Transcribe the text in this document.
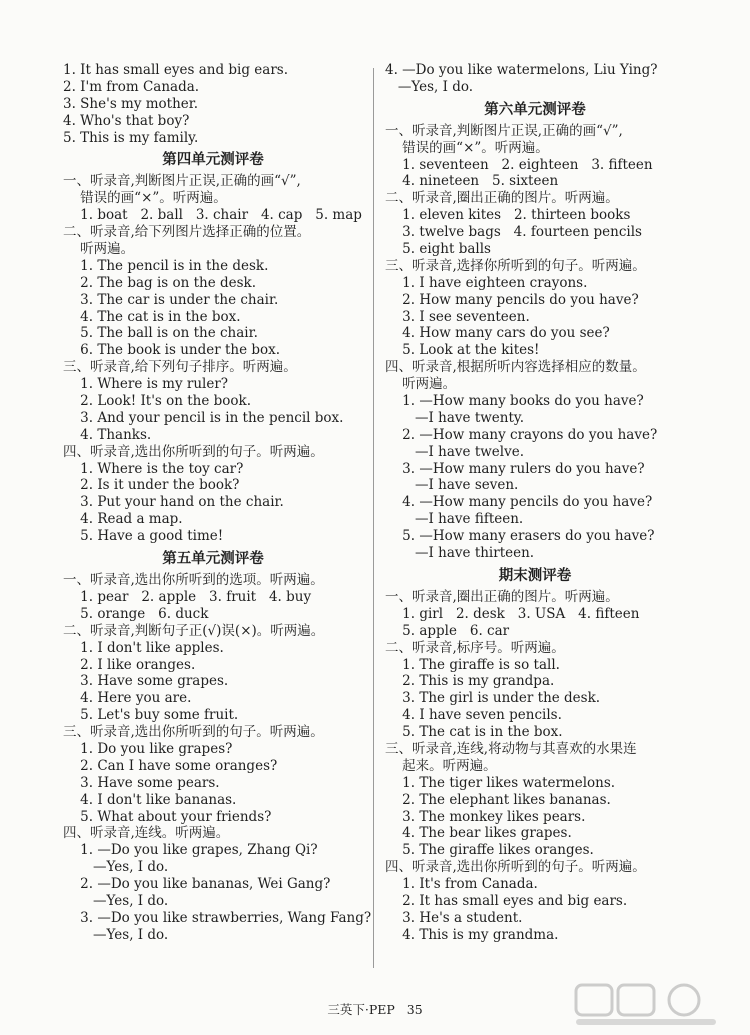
1. It has small eyes and big ears.
2. I'm from Canada.
3. She's my mother.
4. Who's that boy?
5. This is my family.
第四单元测评卷
一、听录音,判断图片正误,正确的画“√”,
错误的画“×”。听两遍。
1. boat   2. ball   3. chair   4. cap   5. map
二、听录音,给下列图片选择正确的位置。
听两遍。
1. The pencil is in the desk.
2. The bag is on the desk.
3. The car is under the chair.
4. The cat is in the box.
5. The ball is on the chair.
6. The book is under the box.
三、听录音,给下列句子排序。听两遍。
1. Where is my ruler?
2. Look! It's on the book.
3. And your pencil is in the pencil box.
4. Thanks.
四、听录音,选出你所听到的句子。听两遍。
1. Where is the toy car?
2. Is it under the book?
3. Put your hand on the chair.
4. Read a map.
5. Have a good time!
第五单元测评卷
一、听录音,选出你所听到的选项。听两遍。
1. pear   2. apple   3. fruit   4. buy
5. orange   6. duck
二、听录音,判断句子正(√)误(×)。听两遍。
1. I don't like apples.
2. I like oranges.
3. Have some grapes.
4. Here you are.
5. Let's buy some fruit.
三、听录音,选出你所听到的句子。听两遍。
1. Do you like grapes?
2. Can I have some oranges?
3. Have some pears.
4. I don't like bananas.
5. What about your friends?
四、听录音,连线。听两遍。
1. —Do you like grapes, Zhang Qi?
—Yes, I do.
2. —Do you like bananas, Wei Gang?
—Yes, I do.
3. —Do you like strawberries, Wang Fang?
—Yes, I do.
4. —Do you like watermelons, Liu Ying?
—Yes, I do.
第六单元测评卷
一、听录音,判断图片正误,正确的画“√”,
错误的画“×”。听两遍。
1. seventeen   2. eighteen   3. fifteen
4. nineteen   5. sixteen
二、听录音,圈出正确的图片。听两遍。
1. eleven kites   2. thirteen books
3. twelve bags   4. fourteen pencils
5. eight balls
三、听录音,选择你所听到的句子。听两遍。
1. I have eighteen crayons.
2. How many pencils do you have?
3. I see seventeen.
4. How many cars do you see?
5. Look at the kites!
四、听录音,根据所听内容选择相应的数量。
听两遍。
1. —How many books do you have?
—I have twenty.
2. —How many crayons do you have?
—I have twelve.
3. —How many rulers do you have?
—I have seven.
4. —How many pencils do you have?
—I have fifteen.
5. —How many erasers do you have?
—I have thirteen.
期末测评卷
一、听录音,圈出正确的图片。听两遍。
1. girl   2. desk   3. USA   4. fifteen
5. apple   6. car
二、听录音,标序号。听两遍。
1. The giraffe is so tall.
2. This is my grandpa.
3. The girl is under the desk.
4. I have seven pencils.
5. The cat is in the box.
三、听录音,连线,将动物与其喜欢的水果连
起来。听两遍。
1. The tiger likes watermelons.
2. The elephant likes bananas.
3. The monkey likes pears.
4. The bear likes grapes.
5. The giraffe likes oranges.
四、听录音,选出你所听到的句子。听两遍。
1. It's from Canada.
2. It has small eyes and big ears.
3. He's a student.
4. This is my grandma.
三英下·PEP 35
